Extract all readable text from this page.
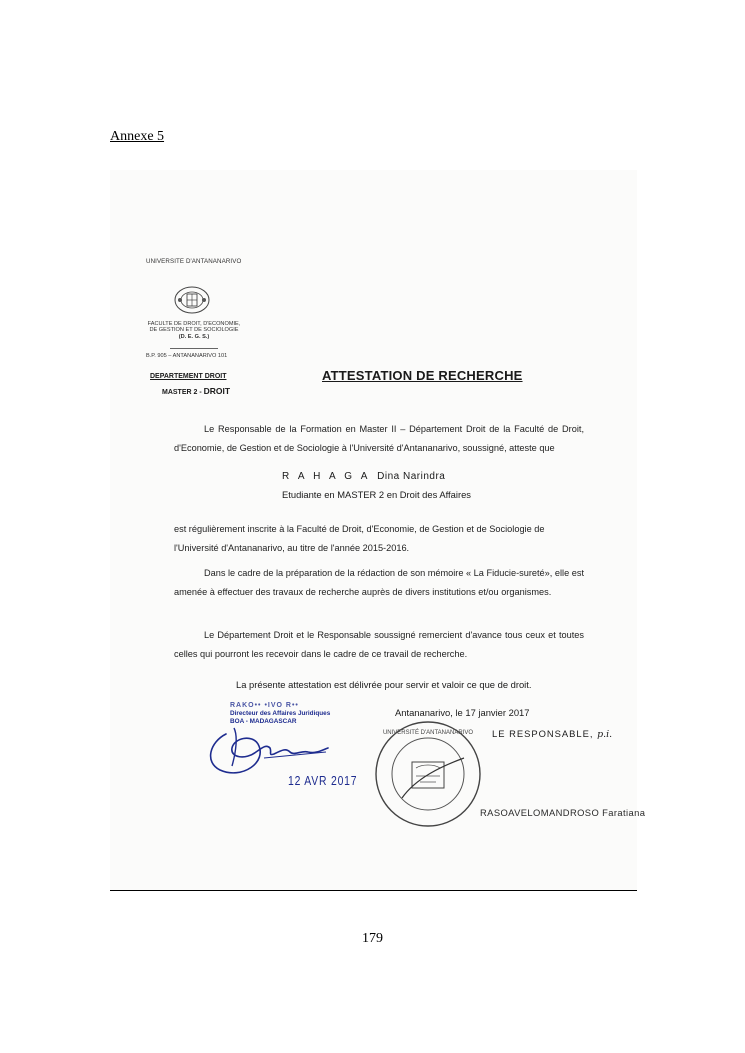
Annexe 5
UNIVERSITE D'ANTANANARIVO
FACULTE DE DROIT, D'ECONOMIE,
DE GESTION ET DE SOCIOLOGIE
(D. E. G. S.)
B.P. 905 – ANTANANARIVO 101
DEPARTEMENT DROIT
MASTER 2 - DROIT
ATTESTATION DE RECHERCHE
Le Responsable de la Formation en Master II – Département Droit de la Faculté de Droit, d'Economie, de Gestion et de Sociologie à l'Université d'Antananarivo, soussigné, atteste que
R A H A G A Dina Narindra
Etudiante en MASTER 2 en Droit des Affaires
est régulièrement inscrite à la Faculté de Droit, d'Economie, de Gestion et de Sociologie de l'Université d'Antananarivo, au titre de l'année 2015-2016.
Dans le cadre de la préparation de la rédaction de son mémoire « La Fiducie-sureté», elle est amenée à effectuer des travaux de recherche auprès de divers institutions et/ou organismes.
Le Département Droit et le Responsable soussigné remercient d'avance tous ceux et toutes celles qui pourront les recevoir dans le cadre de ce travail de recherche.
La présente attestation est délivrée pour servir et valoir ce que de droit.
Antananarivo, le 17 janvier 2017
LE RESPONSABLE, p.i.
RAKO•• •IVO R••
Directeur des Affaires Juridiques
BOA - MADAGASCAR
12 AVR 2017
UNIVERSITÉ D'ANTANANARIVO
RASOAVELOMANDROSO Faratiana
179
